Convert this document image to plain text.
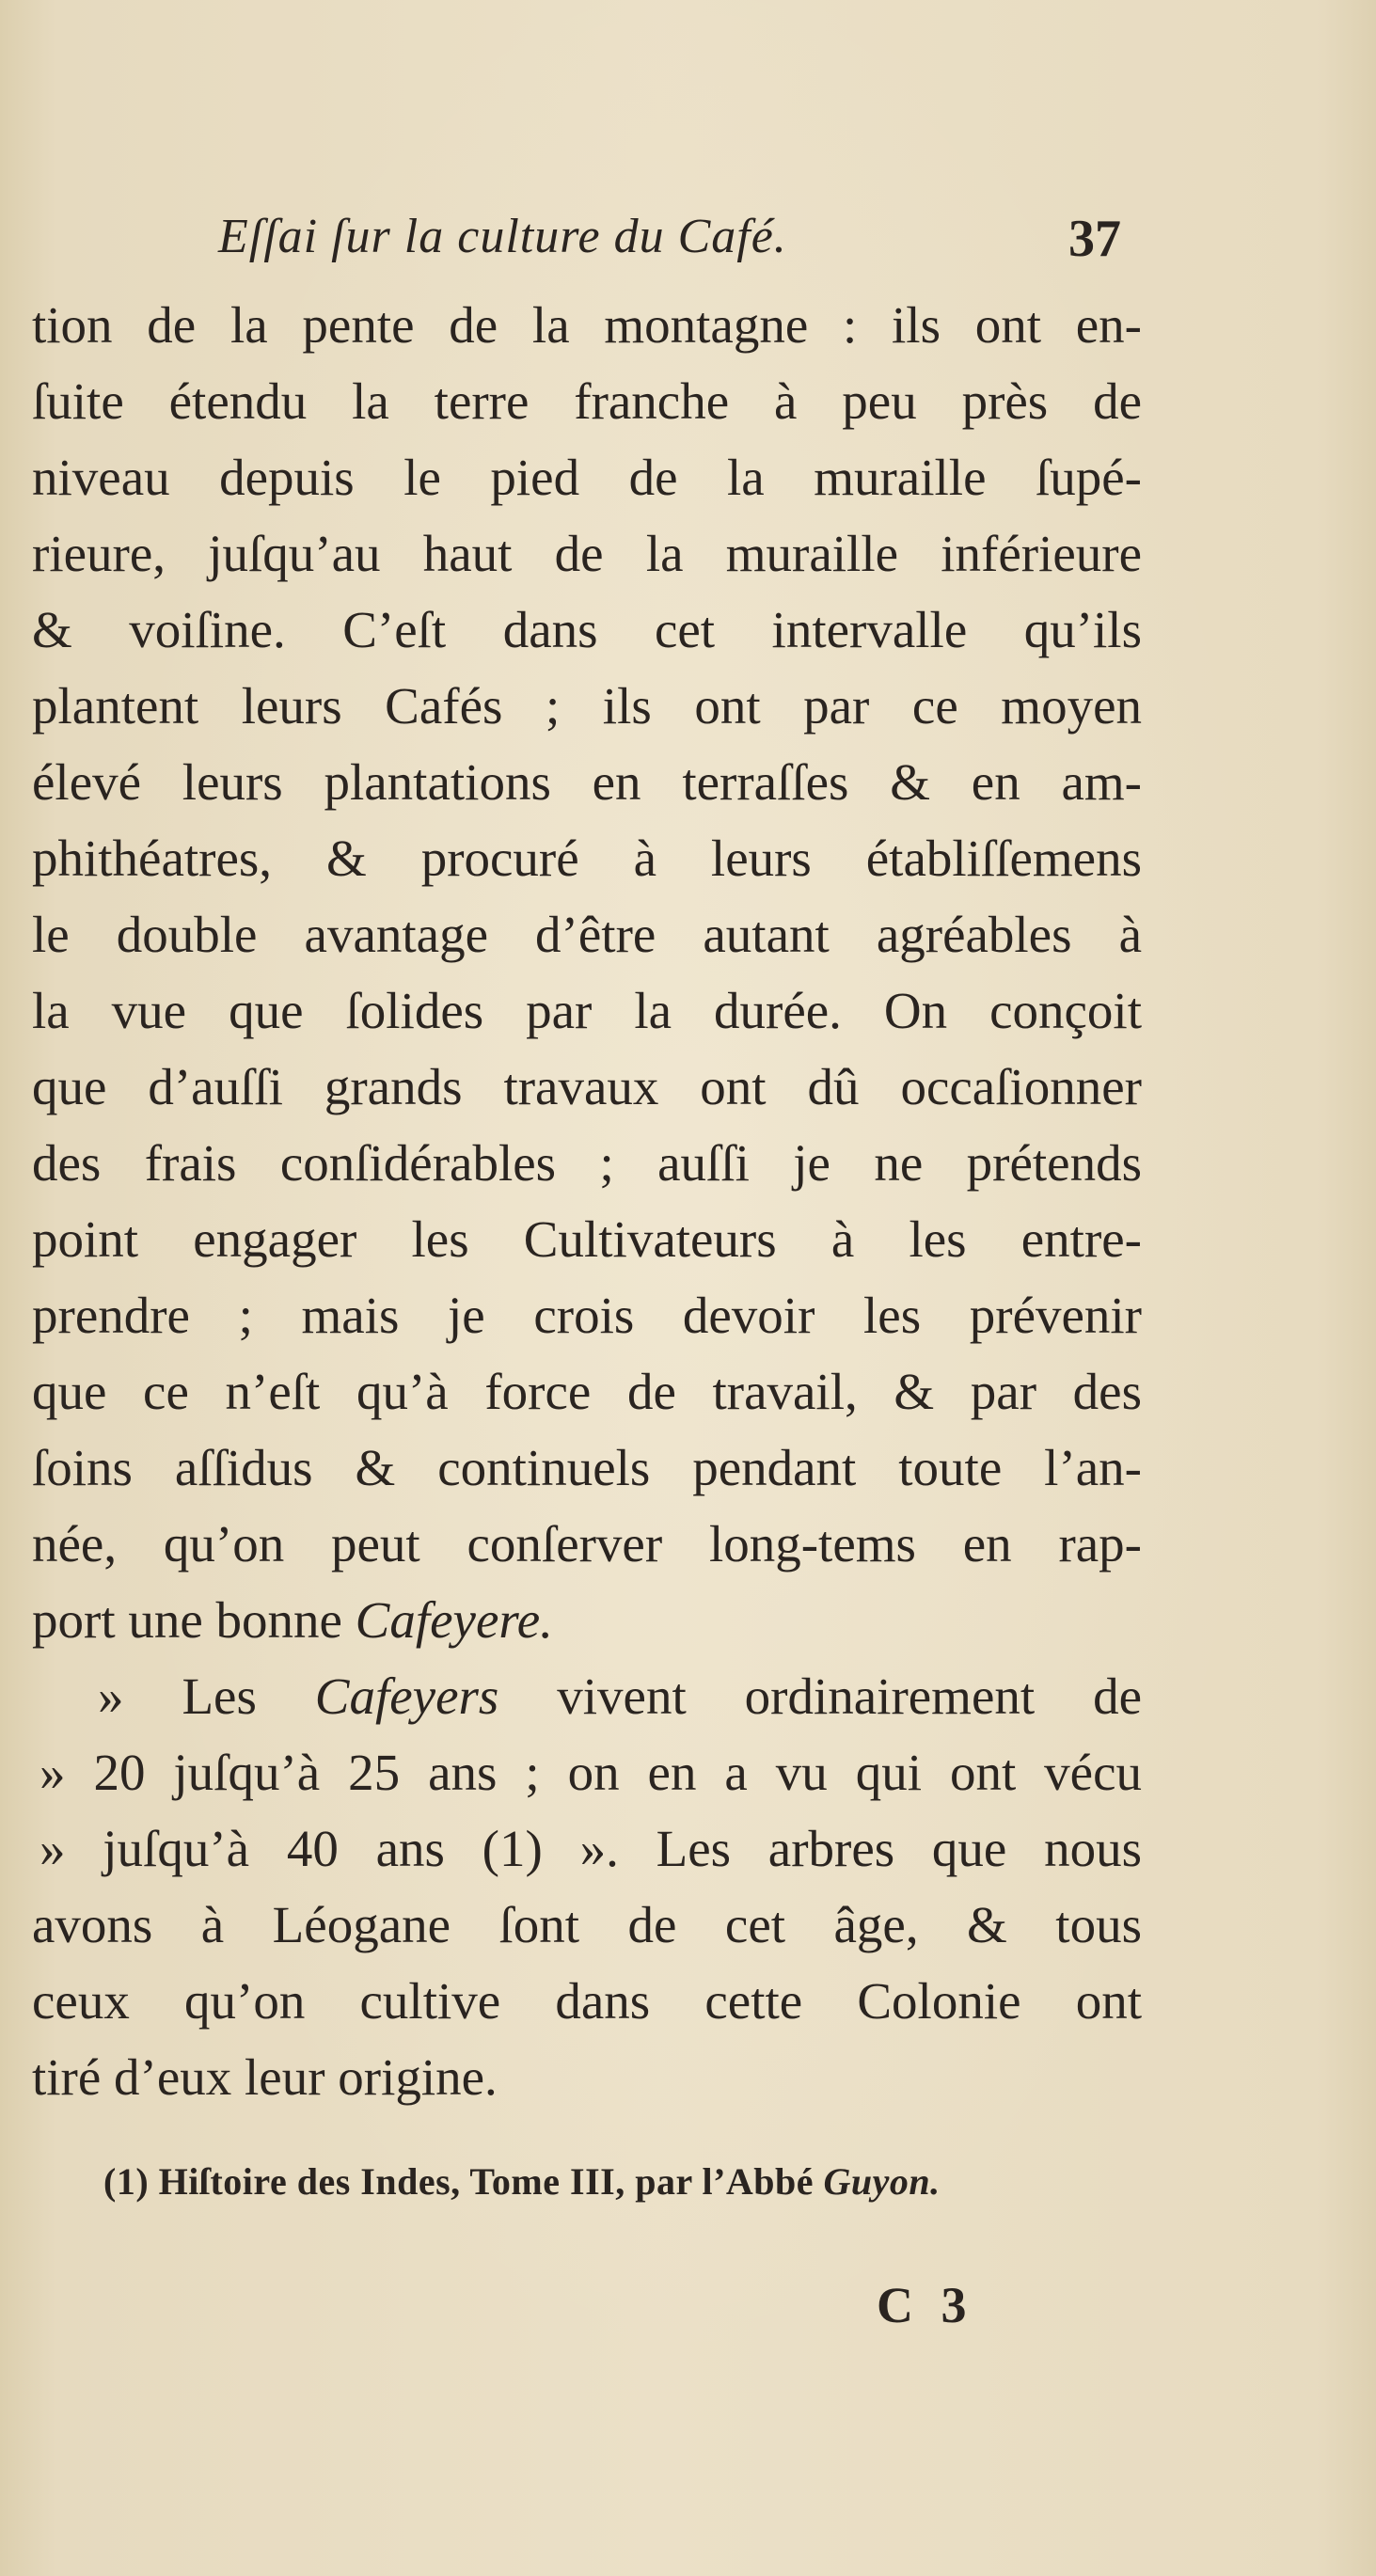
Eſſai ſur la culture du Café.	37
tion de la pente de la montagne : ils ont en-
ſuite étendu la terre franche à peu près de
niveau depuis le pied de la muraille ſupé-
rieure, juſqu’au haut de la muraille inférieure
& voiſine. C’eſt dans cet intervalle qu’ils
plantent leurs Cafés ; ils ont par ce moyen
élevé leurs plantations en terraſſes & en am-
phithéatres, & procuré à leurs établiſſemens
le double avantage d’être autant agréables à
la vue que ſolides par la durée. On conçoit
que d’auſſi grands travaux ont dû occaſionner
des frais conſidérables ; auſſi je ne prétends
point engager les Cultivateurs à les entre-
prendre ; mais je crois devoir les prévenir
que ce n’eſt qu’à force de travail, & par des
ſoins aſſidus & continuels pendant toute l’an-
née, qu’on peut conſerver long-tems en rap-
port une bonne Cafeyere.
» Les Cafeyers vivent ordinairement de
» 20 juſqu’à 25 ans ; on en a vu qui ont vécu
» juſqu’à 40 ans (1) ». Les arbres que nous
avons à Léogane ſont de cet âge, & tous
ceux qu’on cultive dans cette Colonie ont
tiré d’eux leur origine.
(1) Hiſtoire des Indes, Tome III, par l’Abbé Guyon.
C 3
